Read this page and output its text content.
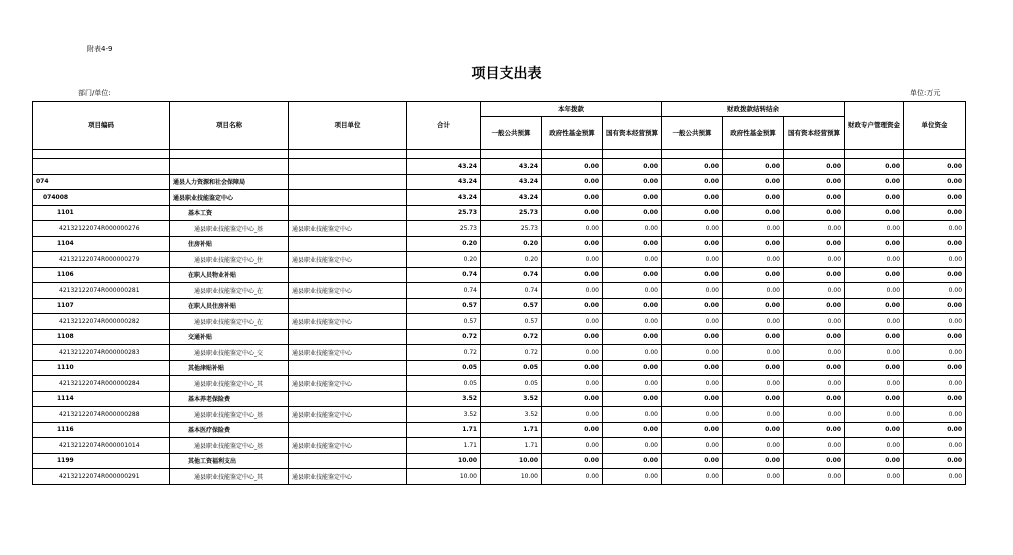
附表4-9
项目支出表
部门/单位:	单位:万元
项目编码	项目名称	项目单位	合计	本年拨款			财政拨款结转结余			财政专户管理资金	单位资金
				一般公共预算	政府性基金预算	国有资本经营预算	一般公共预算	政府性基金预算	国有资本经营预算		

			43.24	43.24	0.00	0.00	0.00	0.00	0.00	0.00	0.00
074	通县人力资源和社会保障局		43.24	43.24	0.00	0.00	0.00	0.00	0.00	0.00	0.00
074008	通县职业技能鉴定中心		43.24	43.24	0.00	0.00	0.00	0.00	0.00	0.00	0.00
1101	基本工资		25.73	25.73	0.00	0.00	0.00	0.00	0.00	0.00	0.00
42132122074R000000276	通县职业技能鉴定中心_基	通县职业技能鉴定中心	25.73	25.73	0.00	0.00	0.00	0.00	0.00	0.00	0.00
1104	住房补贴		0.20	0.20	0.00	0.00	0.00	0.00	0.00	0.00	0.00
42132122074R000000279	通县职业技能鉴定中心_住	通县职业技能鉴定中心	0.20	0.20	0.00	0.00	0.00	0.00	0.00	0.00	0.00
1106	在职人员物业补贴		0.74	0.74	0.00	0.00	0.00	0.00	0.00	0.00	0.00
42132122074R000000281	通县职业技能鉴定中心_在	通县职业技能鉴定中心	0.74	0.74	0.00	0.00	0.00	0.00	0.00	0.00	0.00
1107	在职人员住房补贴		0.57	0.57	0.00	0.00	0.00	0.00	0.00	0.00	0.00
42132122074R000000282	通县职业技能鉴定中心_在	通县职业技能鉴定中心	0.57	0.57	0.00	0.00	0.00	0.00	0.00	0.00	0.00
1108	交通补贴		0.72	0.72	0.00	0.00	0.00	0.00	0.00	0.00	0.00
42132122074R000000283	通县职业技能鉴定中心_交	通县职业技能鉴定中心	0.72	0.72	0.00	0.00	0.00	0.00	0.00	0.00	0.00
1110	其他津贴补贴		0.05	0.05	0.00	0.00	0.00	0.00	0.00	0.00	0.00
42132122074R000000284	通县职业技能鉴定中心_其	通县职业技能鉴定中心	0.05	0.05	0.00	0.00	0.00	0.00	0.00	0.00	0.00
1114	基本养老保险费		3.52	3.52	0.00	0.00	0.00	0.00	0.00	0.00	0.00
42132122074R000000288	通县职业技能鉴定中心_基	通县职业技能鉴定中心	3.52	3.52	0.00	0.00	0.00	0.00	0.00	0.00	0.00
1116	基本医疗保险费		1.71	1.71	0.00	0.00	0.00	0.00	0.00	0.00	0.00
42132122074R000001014	通县职业技能鉴定中心_基	通县职业技能鉴定中心	1.71	1.71	0.00	0.00	0.00	0.00	0.00	0.00	0.00
1199	其他工资福利支出		10.00	10.00	0.00	0.00	0.00	0.00	0.00	0.00	0.00
42132122074R000000291	通县职业技能鉴定中心_其	通县职业技能鉴定中心	10.00	10.00	0.00	0.00	0.00	0.00	0.00	0.00	0.00
